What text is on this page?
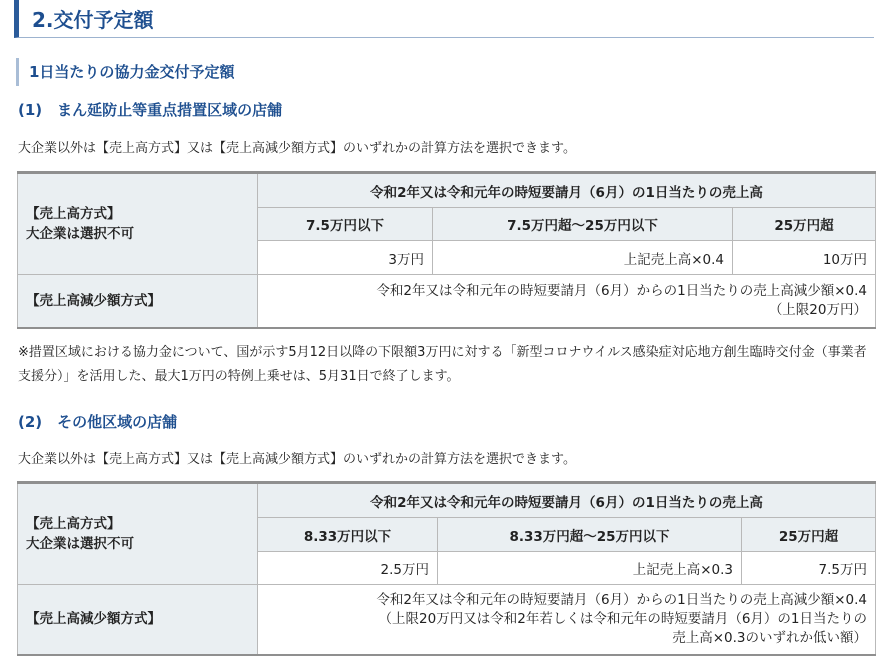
2.交付予定額
1日当たりの協力金交付予定額
(1)　まん延防止等重点措置区域の店舗
大企業以外は【売上高方式】又は【売上高減少額方式】のいずれかの計算方法を選択できます。
【売上高方式】
大企業は選択不可	令和2年又は令和元年の時短要請月（6月）の1日当たりの売上高		
	7.5万円以下	7.5万円超～25万円以下	25万円超
	3万円	上記売上高×0.4	10万円
【売上高減少額方式】	令和2年又は令和元年の時短要請月（6月）からの1日当たりの売上高減少額×0.4
（上限20万円）		
※措置区域における協力金について、国が示す5月12日以降の下限額3万円に対する「新型コロナウイルス感染症対応地方創生臨時交付金（事業者支援分）」を活用した、最大1万円の特例上乗せは、5月31日で終了します。
(2)　その他区域の店舗
大企業以外は【売上高方式】又は【売上高減少額方式】のいずれかの計算方法を選択できます。
【売上高方式】
大企業は選択不可	令和2年又は令和元年の時短要請月（6月）の1日当たりの売上高		
	8.33万円以下	8.33万円超～25万円以下	25万円超
	2.5万円	上記売上高×0.3	7.5万円
【売上高減少額方式】	令和2年又は令和元年の時短要請月（6月）からの1日当たりの売上高減少額×0.4
（上限20万円又は令和2年若しくは令和元年の時短要請月（6月）の1日当たりの
売上高×0.3のいずれか低い額）		
